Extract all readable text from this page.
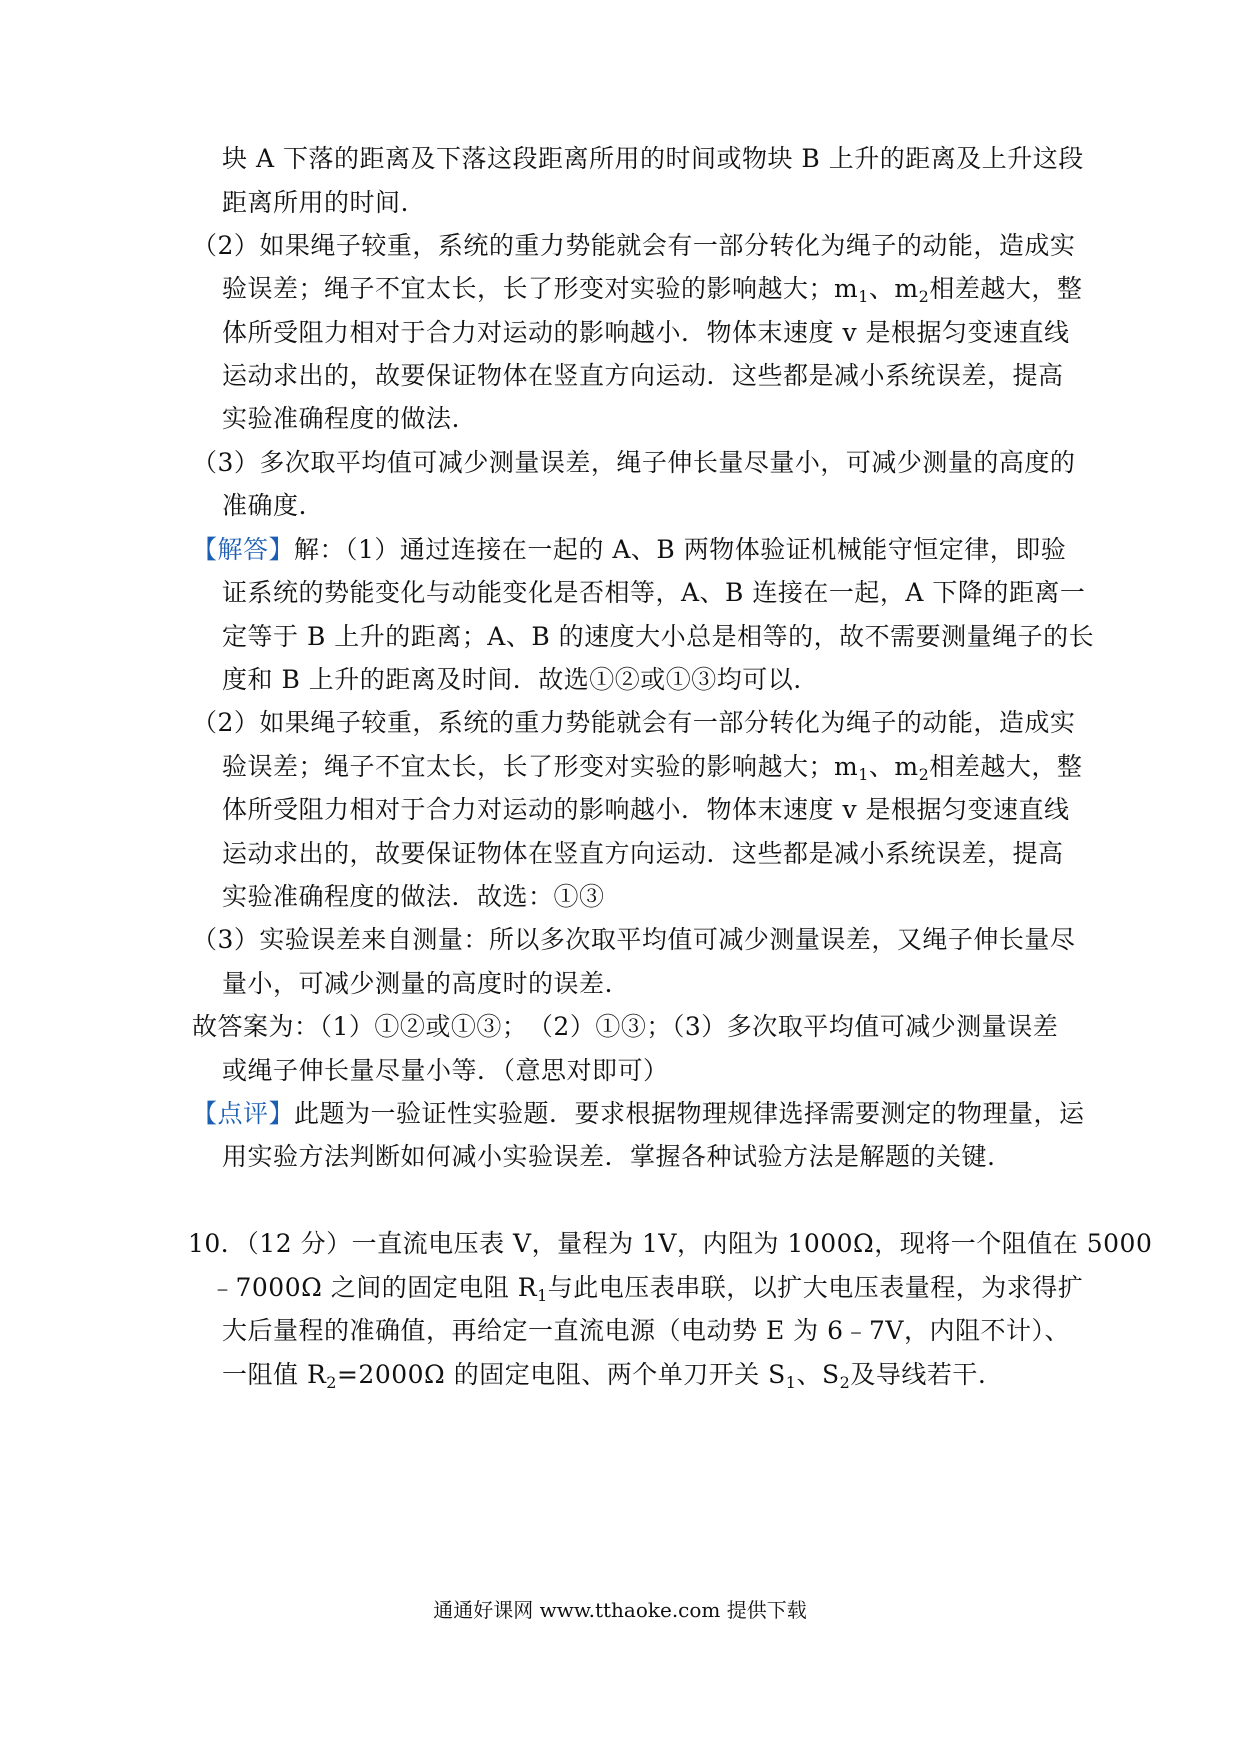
块 A 下落的距离及下落这段距离所用的时间或物块 B 上升的距离及上升这段
距离所用的时间.
（2）如果绳子较重，系统的重力势能就会有一部分转化为绳子的动能，造成实
验误差；绳子不宜太长，长了形变对实验的影响越大；$m_1$、$m_2$相差越大，整
体所受阻力相对于合力对运动的影响越小．物体末速度 v 是根据匀变速直线
运动求出的，故要保证物体在竖直方向运动．这些都是减小系统误差，提高
实验准确程度的做法.
（3）多次取平均值可减少测量误差，绳子伸长量尽量小，可减少测量的高度的
准确度.
【解答】解：（1）通过连接在一起的 A、B 两物体验证机械能守恒定律，即验
证系统的势能变化与动能变化是否相等，A、B 连接在一起，A 下降的距离一
定等于 B 上升的距离；A、B 的速度大小总是相等的，故不需要测量绳子的长
度和 B 上升的距离及时间．故选①②或①③均可以.
（2）如果绳子较重，系统的重力势能就会有一部分转化为绳子的动能，造成实
验误差；绳子不宜太长，长了形变对实验的影响越大；$m_1$、$m_2$相差越大，整
体所受阻力相对于合力对运动的影响越小．物体末速度 v 是根据匀变速直线
运动求出的，故要保证物体在竖直方向运动．这些都是减小系统误差，提高
实验准确程度的做法．故选：①③
（3）实验误差来自测量：所以多次取平均值可减少测量误差，又绳子伸长量尽
量小，可减少测量的高度时的误差.
故答案为：（1）①②或①③；　（2）①③；（3）多次取平均值可减少测量误差
或绳子伸长量尽量小等．（意思对即可）
【点评】此题为一验证性实验题．要求根据物理规律选择需要测定的物理量，运
用实验方法判断如何减小实验误差．掌握各种试验方法是解题的关键.
10．（12 分）一直流电压表 V，量程为 1V，内阻为 1000Ω，现将一个阻值在 5000
﹣7000Ω 之间的固定电阻 $R_1$与此电压表串联，以扩大电压表量程，为求得扩
大后量程的准确值，再给定一直流电源（电动势 E 为 6﹣7V，内阻不计）、
一阻值 $R_2=2000\Omega$ 的固定电阻、两个单刀开关 $S_1$、$S_2$及导线若干.
通通好课网 www.tthaoke.com 提供下载
